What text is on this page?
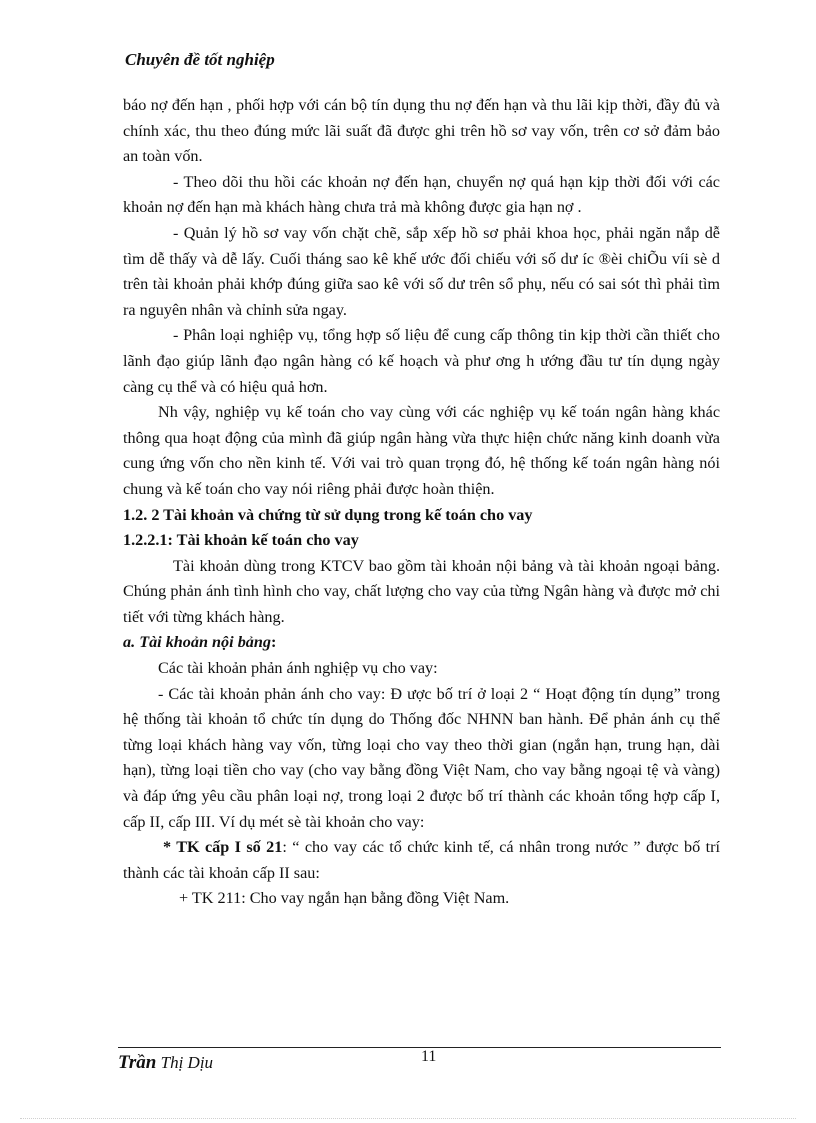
Chuyên đề tốt nghiệp

báo nợ đến hạn , phối hợp với cán bộ tín dụng thu nợ đến hạn và thu lãi kịp thời, đầy đủ và chính xác, thu theo đúng mức lãi suất đã được ghi trên hồ sơ vay vốn, trên cơ sở đảm bảo an toàn vốn.

- Theo dõi thu hồi các khoản nợ đến hạn, chuyển nợ quá hạn kịp thời đối với các khoản nợ đến hạn mà khách hàng chưa trả mà không được gia hạn nợ .

- Quản lý hồ sơ vay vốn chặt chẽ, sắp xếp hồ sơ phải khoa học, phải ngăn nắp dễ tìm dễ thấy và dễ lấy. Cuối tháng sao kê khế ước đối chiếu với số dư íc ®èi chiÕu víi sè d trên tài khoản phải khớp đúng giữa sao kê với số dư trên sổ phụ, nếu có sai sót thì phải tìm ra nguyên nhân và chỉnh sửa ngay.

- Phân loại nghiệp vụ, tổng hợp số liệu để cung cấp thông tin kịp thời cần thiết cho lãnh đạo giúp lãnh đạo ngân hàng có kế hoạch và phư ơng h ướng đầu tư tín dụng ngày càng cụ thể và có hiệu quả hơn.

Nh vậy, nghiệp vụ kế toán cho vay cùng với các nghiệp vụ kế toán ngân hàng khác thông qua hoạt động của mình đã giúp ngân hàng vừa thực hiện chức năng kinh doanh vừa cung ứng vốn cho nền kinh tế. Với vai trò quan trọng đó, hệ thống kế toán ngân hàng nói chung và kế toán cho vay nói riêng phải được hoàn thiện.

1.2. 2 Tài khoản và chứng từ sử dụng trong kế toán cho vay

1.2.2.1: Tài khoản kế toán cho vay

Tài khoản dùng trong KTCV bao gồm tài khoản nội bảng và tài khoản ngoại bảng. Chúng phản ánh tình hình cho vay, chất lượng cho vay của từng Ngân hàng và được mở chi tiết với từng khách hàng.

a. Tài khoản nội bảng:

Các tài khoản phản ánh nghiệp vụ cho vay:

- Các tài khoản phản ánh cho vay: Đ ược bố trí ở loại 2 “ Hoạt động tín dụng” trong hệ thống tài khoản tổ chức tín dụng do Thống đốc NHNN ban hành. Để phản ánh cụ thể từng loại khách hàng vay vốn, từng loại cho vay theo thời gian (ngắn hạn, trung hạn, dài hạn), từng loại tiền cho vay (cho vay bằng đồng Việt Nam, cho vay bằng ngoại tệ và vàng) và đáp ứng yêu cầu phân loại nợ, trong loại 2 được bố trí thành các khoản tổng hợp cấp I, cấp II, cấp III. Ví dụ mét sè tài khoản cho vay:

* TK cấp I số 21: “ cho vay các tổ chức kinh tế, cá nhân trong nước ” được bố trí thành các tài khoản cấp II sau:

+ TK 211: Cho vay ngắn hạn bằng đồng Việt Nam.

Trần Thị Dịu	11
